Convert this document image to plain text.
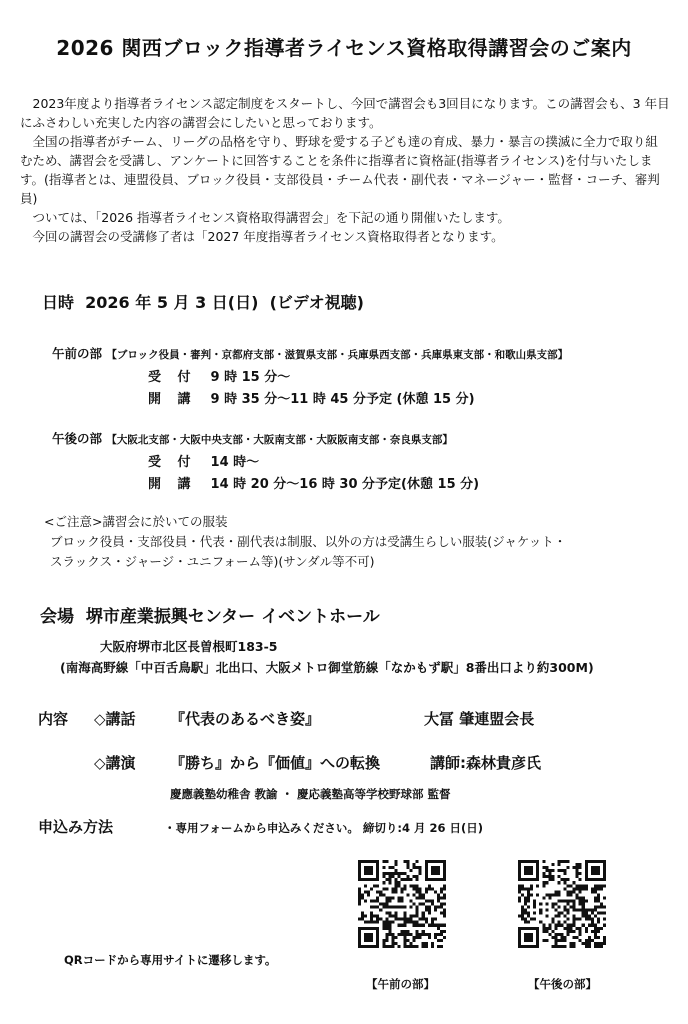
2026 関西ブロック指導者ライセンス資格取得講習会のご案内

　2023年度より指導者ライセンス認定制度をスタートし、今回で講習会も3回目になります。この講習会も、3 年目にふさわしい充実した内容の講習会にしたいと思っております。

　全国の指導者がチーム、リーグの品格を守り、野球を愛する子ども達の育成、暴力・暴言の撲滅に全力で取り組むため、講習会を受講し、アンケートに回答することを条件に指導者に資格証(指導者ライセンス)を付与いたします。(指導者とは、連盟役員、ブロック役員・支部役員・チーム代表・副代表・マネージャー・監督・コーチ、審判員)

　ついては、「2026 指導者ライセンス資格取得講習会」を下記の通り開催いたします。

　今回の講習会の受講修了者は「2027 年度指導者ライセンス資格取得者となります。

日時 2026 年 5 月 3 日(日) (ビデオ視聴)
午前の部 【ブロック役員・審判・京都府支部・滋賀県支部・兵庫県西支部・兵庫県東支部・和歌山県支部】
受 付 9 時 15 分～
開 講 9 時 35 分～11 時 45 分予定 (休憩 15 分)
午後の部 【大阪北支部・大阪中央支部・大阪南支部・大阪阪南支部・奈良県支部】
受 付 14 時～
開 講 14 時 20 分～16 時 30 分予定(休憩 15 分)
<ご注意>講習会に於いての服装
ブロック役員・支部役員・代表・副代表は制服、以外の方は受講生らしい服装(ジャケット・
スラックス・ジャージ・ユニフォーム等)(サンダル等不可)
会場 堺市産業振興センター イベントホール
大阪府堺市北区長曽根町183-5
(南海高野線「中百舌鳥駅」北出口、大阪メトロ御堂筋線「なかもず駅」8番出口より約300M)
内容 ◇講話 『代表のあるべき姿』	大冨 肇連盟会長
◇講演 『勝ち』から『価値』への転換	講師:森林貴彦氏
慶應義塾幼稚舎 教諭 ・ 慶応義塾高等学校野球部 監督
申込み方法	・専用フォームから申込みください。 締切り:4 月 26 日(日)
QRコードから専用サイトに遷移します。
【午前の部】	【午後の部】
